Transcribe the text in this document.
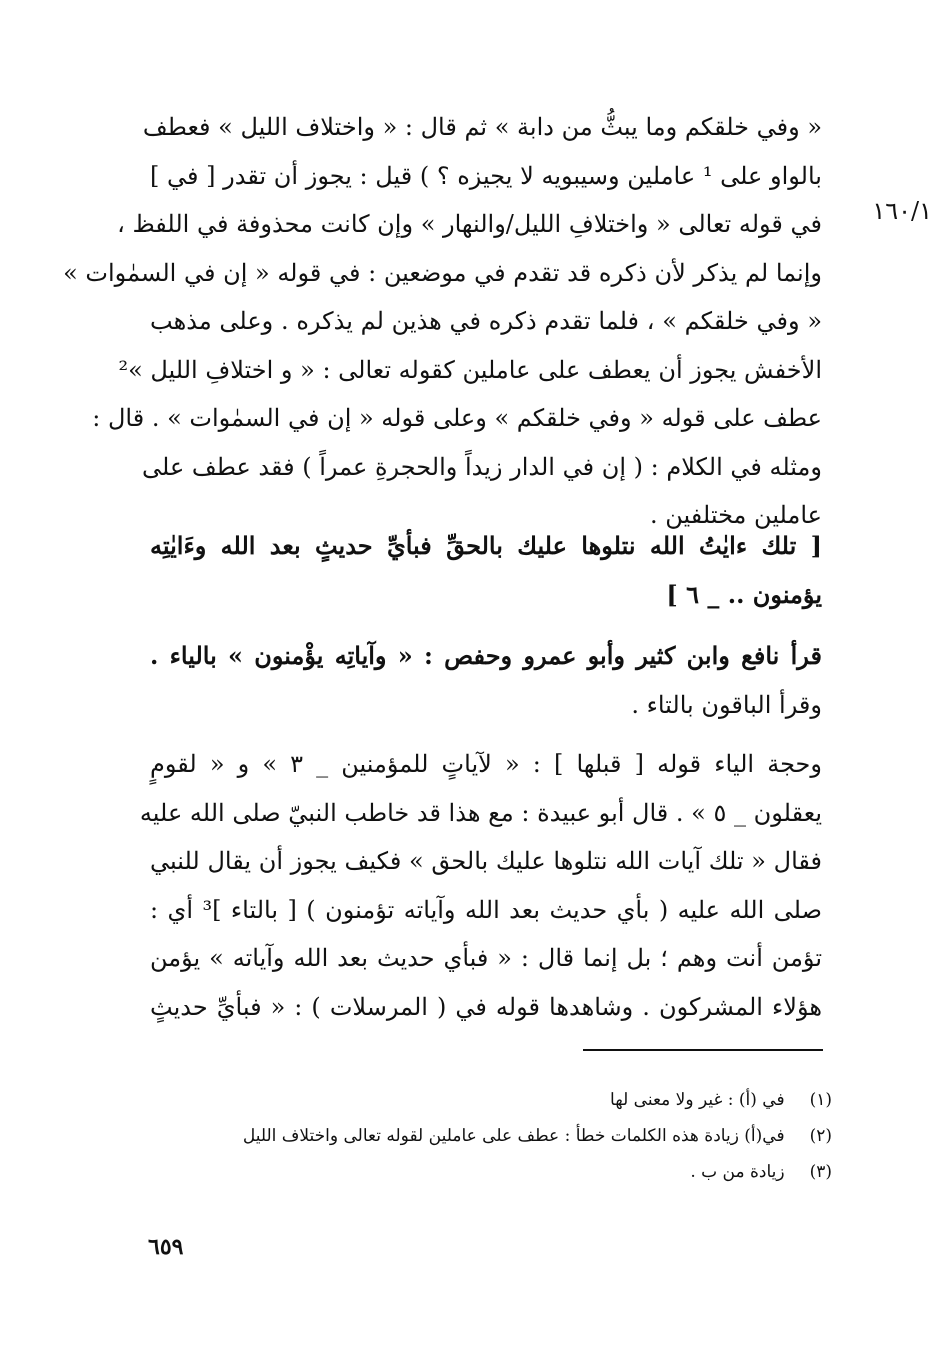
١٦٠/١
« وفي خلقكم وما يبثُّ من دابة » ثم قال : « واختلاف الليل » فعطف
بالواو على ¹ عاملين وسيبويه لا يجيزه ؟ ) قيل : يجوز أن تقدر [ في ]
في قوله تعالى « واختلافِ الليل/والنهار » وإن كانت محذوفة في اللفظ ،
وإنما لم يذكر لأن ذكره قد تقدم في موضعين : في قوله « إن في السمٰوات »
« وفي خلقكم » ، فلما تقدم ذكره في هذين لم يذكره . وعلى مذهب
الأخفش يجوز أن يعطف على عاملين كقوله تعالى : « و اختلافِ الليل »²
عطف على قوله « وفي خلقكم » وعلى قوله « إن في السمٰوات » . قال :
ومثله في الكلام : ( إن في الدار زيداً والحجرةِ عمراً ) فقد عطف على
عاملين مختلفين .
[ تلك ءايٰتُ الله نتلوها عليك بالحقِّ فبأيِّ حديثٍ بعد الله وءَايٰتِه
يؤمنون .. _ ٦ ]
قرأ نافع وابن كثير وأبو عمرو وحفص : « وآياتِه يؤْمنون » بالياء .
وقرأ الباقون بالتاء .
وحجة الياء قوله [ قبلها ] : « لآياتٍ للمؤمنين _ ٣ » و « لقومٍ
يعقلون _ ٥ » . قال أبو عبيدة : مع هذا قد خاطب النبيّ صلى الله عليه
فقال « تلك آيات الله نتلوها عليك بالحق » فكيف يجوز أن يقال للنبي
صلى الله عليه ( بأي حديث بعد الله وآياته تؤمنون ) [ بالتاء ]³ أي :
تؤمن أنت وهم ؛ بل إنما قال : « فبأي حديث بعد الله وآياته » يؤمن
هؤلاء المشركون . وشاهدها قوله في ( المرسلات ) : « فبأيِّ حديثٍ
(١) في (أ) : غير ولا معنى لها
(٢) في(أ) زيادة هذه الكلمات خطأ : عطف على عاملين لقوله تعالى واختلاف الليل
(٣) زيادة من ب .
٦٥٩
